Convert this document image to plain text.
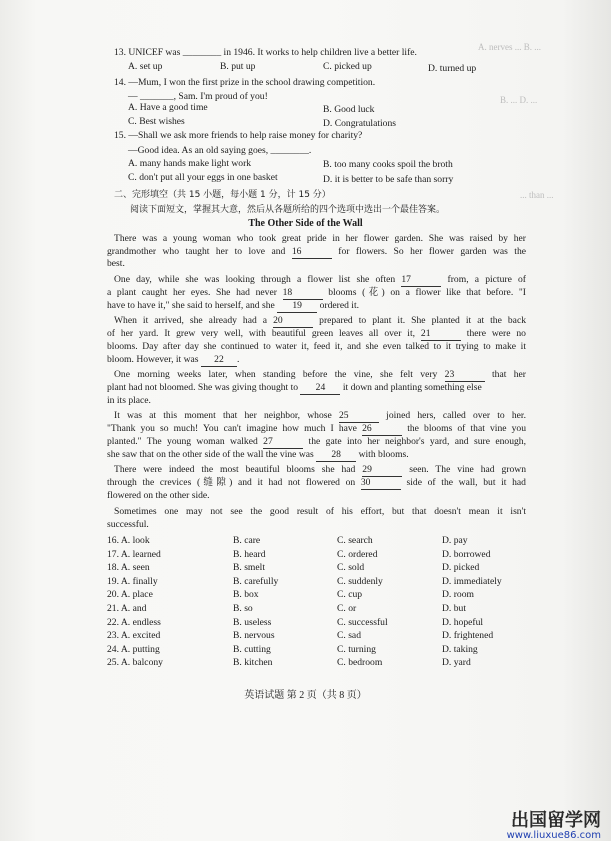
A. nerves ... B. ...
B. ... D. ...
... than ...
13. UNICEF was ________ in 1946. It works to help children live a better life.
A. set up	B. put up	C. picked up	D. turned up
14. —Mum, I won the first prize in the school drawing competition.
— _______, Sam. I'm proud of you!
A. Have a good time	B. Good luck
C. Best wishes	D. Congratulations
15. —Shall we ask more friends to help raise money for charity?
—Good idea. As an old saying goes, ________.
A. many hands make light work	B. too many cooks spoil the broth
C. don't put all your eggs in one basket	D. it is better to be safe than sorry
二、完形填空（共 15 小题，每小题 1 分，计 15 分）
阅读下面短文，掌握其大意，然后从各题所给的四个选项中选出一个最佳答案。
The Other Side of the Wall
There was a young woman who took great pride in her flower garden. She was raised by her
grandmother who taught her to love and 16	for flowers. So her flower garden was the
best.
One day, while she was looking through a flower list she often 17	from, a picture of
a plant caught her eyes. She had never 18	blooms (花) on a flower like that before. "I
have to have it," she said to herself, and she 19 ordered it.
When it arrived, she already had a 20	prepared to plant it. She planted it at the back
of her yard. It grew very well, with beautiful green leaves all over it, 21	there were no
blooms. Day after day she continued to water it, feed it, and she even talked to it trying to make it
bloom. However, it was 22 .
One morning weeks later, when standing before the vine, she felt very 23	that her
plant had not bloomed. She was giving thought to 24 it down and planting something else
in its place.
It was at this moment that her neighbor, whose 25	joined hers, called over to her.
"Thank you so much! You can't imagine how much I have 26	the blooms of that vine you
planted." The young woman walked 27	the gate into her neighbor's yard, and sure enough,
she saw that on the other side of the wall the vine was 28 with blooms.
There were indeed the most beautiful blooms she had 29	seen. The vine had grown
through the crevices (缝隙) and it had not flowered on 30	side of the wall, but it had
flowered on the other side.
Sometimes one may not see the good result of his effort, but that doesn't mean it isn't
successful.
16. A. look	B. care	C. search	D. pay
17. A. learned	B. heard	C. ordered	D. borrowed
18. A. seen	B. smelt	C. sold	D. picked
19. A. finally	B. carefully	C. suddenly	D. immediately
20. A. place	B. box	C. cup	D. room
21. A. and	B. so	C. or	D. but
22. A. endless	B. useless	C. successful	D. hopeful
23. A. excited	B. nervous	C. sad	D. frightened
24. A. putting	B. cutting	C. turning	D. taking
25. A. balcony	B. kitchen	C. bedroom	D. yard
英语试题 第 2 页（共 8 页）
出国留学网
www.liuxue86.com
